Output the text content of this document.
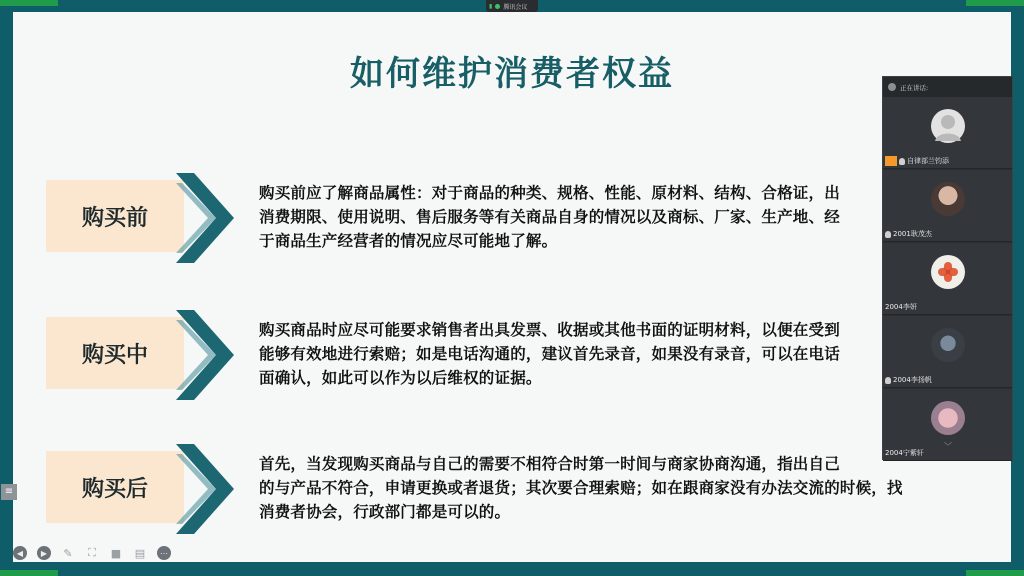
▮ 腾讯会议
如何维护消费者权益
购买前
购买前应了解商品属性：对于商品的种类、规格、性能、原材料、结构、合格证，出
消费期限、使用说明、售后服务等有关商品自身的情况以及商标、厂家、生产地、经
于商品生产经营者的情况应尽可能地了解。
购买中
购买商品时应尽可能要求销售者出具发票、收据或其他书面的证明材料，以便在受到
能够有效地进行索赔；如是电话沟通的，建议首先录音，如果没有录音，可以在电话
面确认，如此可以作为以后维权的证据。
购买后
首先，当发现购买商品与自己的需要不相符合时第一时间与商家协商沟通，指出自己
的与产品不符合，申请更换或者退货；其次要合理索赔；如在跟商家没有办法交流的时候，找
消费者协会，行政部门都是可以的。
≡
正在讲话:
自律部兰钧添
2001耿茂杰
2004李妍
2004李扬帆
2004宁紫轩
﹀
◀	▶	✎ ⛶ ■ ▤	⋯
